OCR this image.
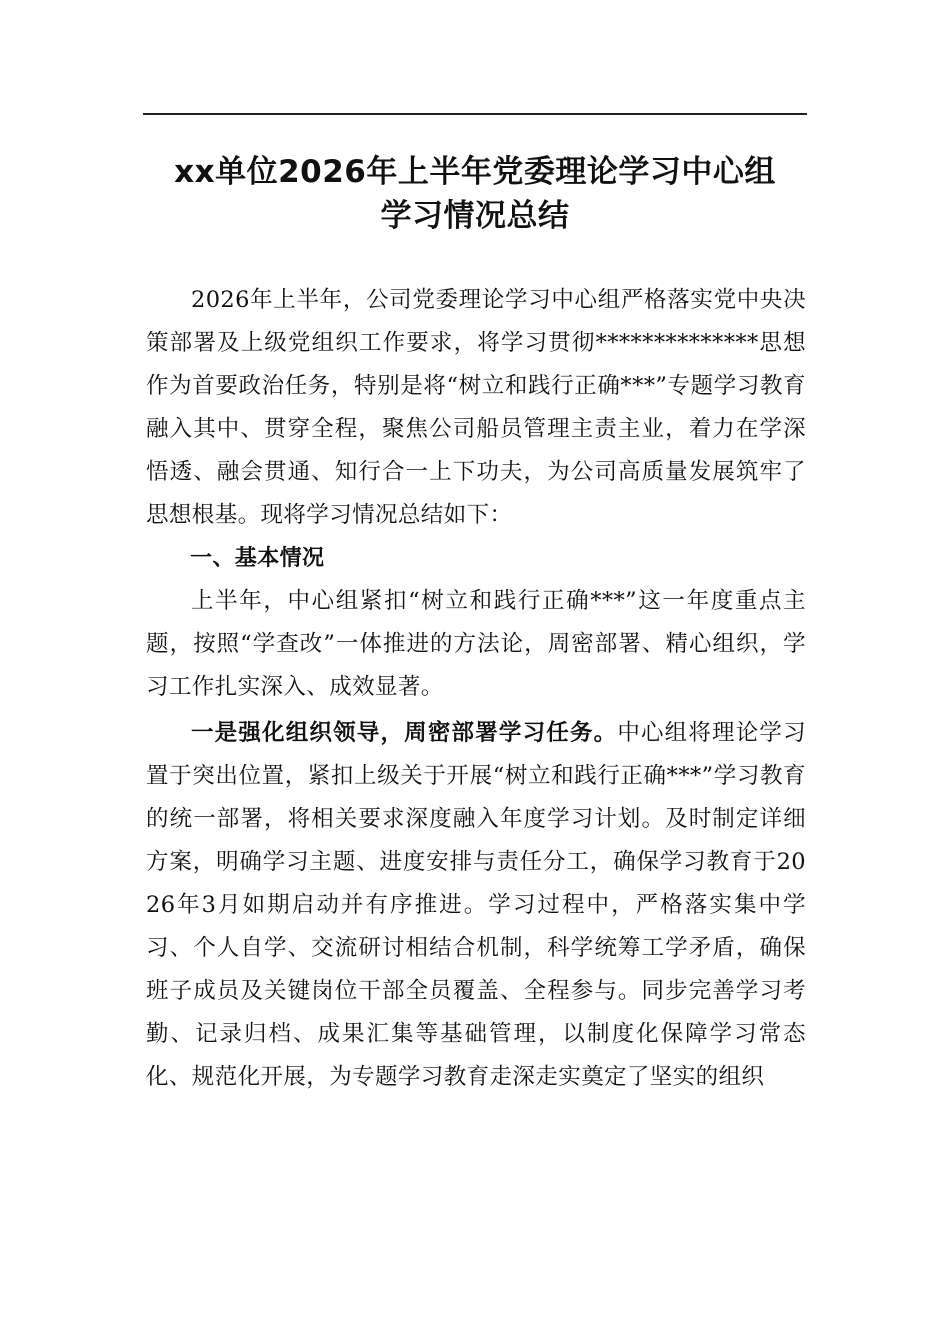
xx单位2026年上半年党委理论学习中心组
学习情况总结

2026年上半年，公司党委理论学习中心组严格落实党中央决策部署及上级党组织工作要求，将学习贯彻**************思想作为首要政治任务，特别是将“树立和践行正确***”专题学习教育融入其中、贯穿全程，聚焦公司船员管理主责主业，着力在学深悟透、融会贯通、知行合一上下功夫，为公司高质量发展筑牢了思想根基。现将学习情况总结如下：

一、基本情况

上半年，中心组紧扣“树立和践行正确***”这一年度重点主题，按照“学查改”一体推进的方法论，周密部署、精心组织，学习工作扎实深入、成效显著。

一是强化组织领导，周密部署学习任务。中心组将理论学习置于突出位置，紧扣上级关于开展“树立和践行正确***”学习教育的统一部署，将相关要求深度融入年度学习计划。及时制定详细方案，明确学习主题、进度安排与责任分工，确保学习教育于2026年3月如期启动并有序推进。学习过程中，严格落实集中学习、个人自学、交流研讨相结合机制，科学统筹工学矛盾，确保班子成员及关键岗位干部全员覆盖、全程参与。同步完善学习考勤、记录归档、成果汇集等基础管理，以制度化保障学习常态化、规范化开展，为专题学习教育走深走实奠定了坚实的组织
